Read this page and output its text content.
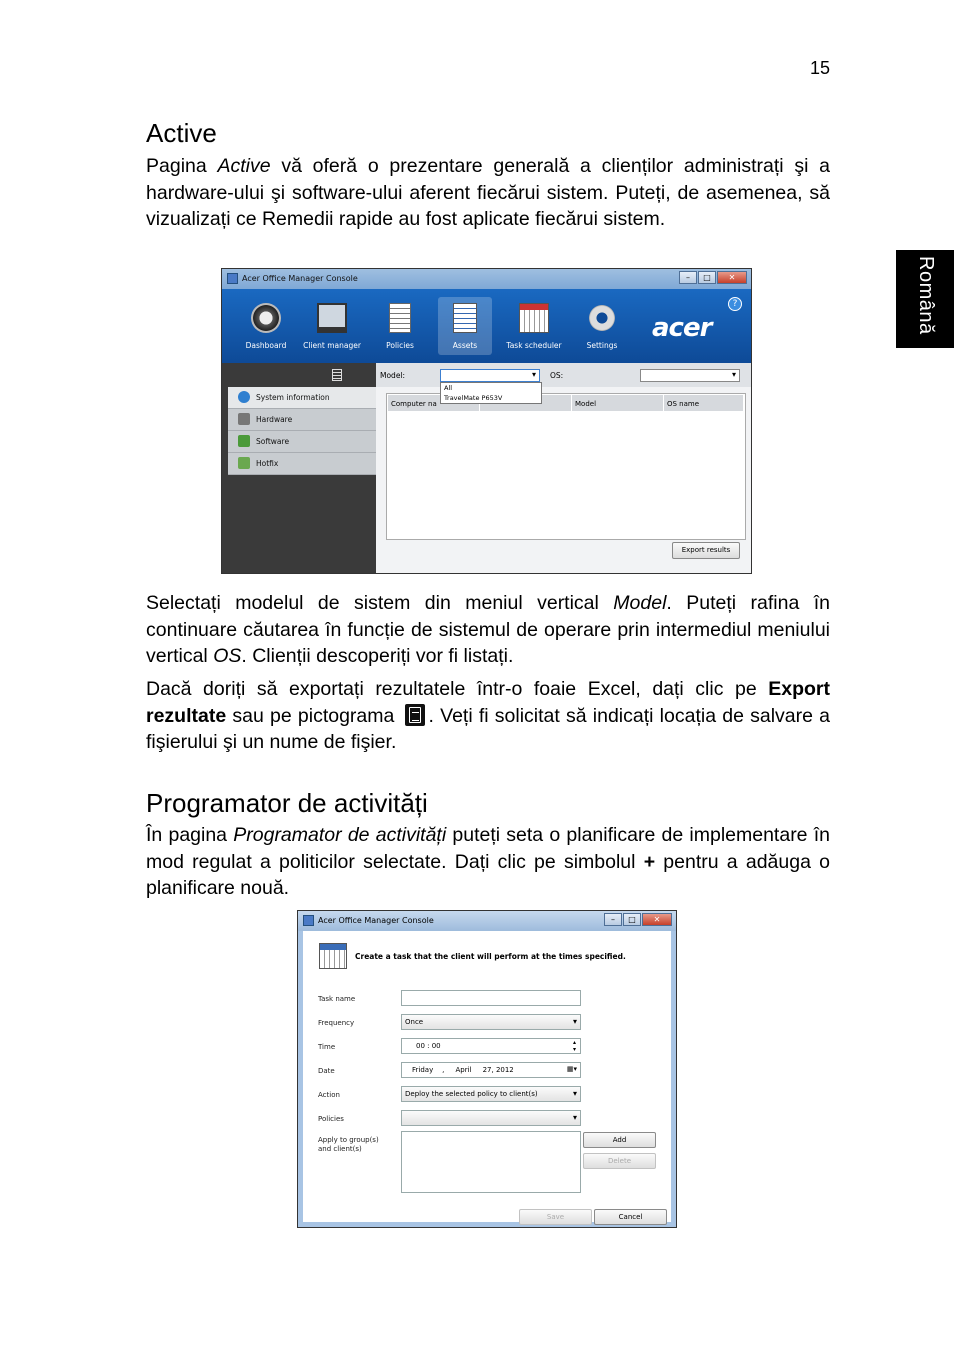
15
Română
Active

Pagina Active vă oferă o prezentare generală a clienților administrați şi a hardware-ului şi software-ului aferent fiecărui sistem. Puteți, de asemenea, să vizualizați ce Remedii rapide au fost aplicate fiecărui sistem.

Acer Office Manager Console	–	□	✕
Dashboard	Client manager	Policies	Assets	Task scheduler	Settings
acer
?
System information
Hardware
Software
Hotfix
Model:
▾	OS:
▾
All
TravelMate P653V
Computer na	Model	OS name
Export results

Selectați modelul de sistem din meniul vertical Model. Puteți rafina în continuare căutarea în funcție de sistemul de operare prin intermediul meniului vertical OS. Clienții descoperiți vor fi listați.

Dacă doriți să exportați rezultatele într-o foaie Excel, dați clic pe Export rezultate sau pe pictograma . Veți fi solicitat să indicați locația de salvare a fişierului şi un nume de fişier.

Programator de activități

În pagina Programator de activități puteți seta o planificare de implementare în mod regulat a politicilor selectate. Dați clic pe simbolul + pentru a adăuga o planificare nouă.

Acer Office Manager Console	–	□	✕
Create a task that the client will perform at the times specified.
Task name
Frequency	Once ▾
Time	00 : 00 ▴▾
Date	Friday    ,     April     27, 2012 ▦▾
Action	Deploy the selected policy to client(s) ▾
Policies
▾
Apply to group(s) and client(s)
Add
Delete
Save	Cancel
